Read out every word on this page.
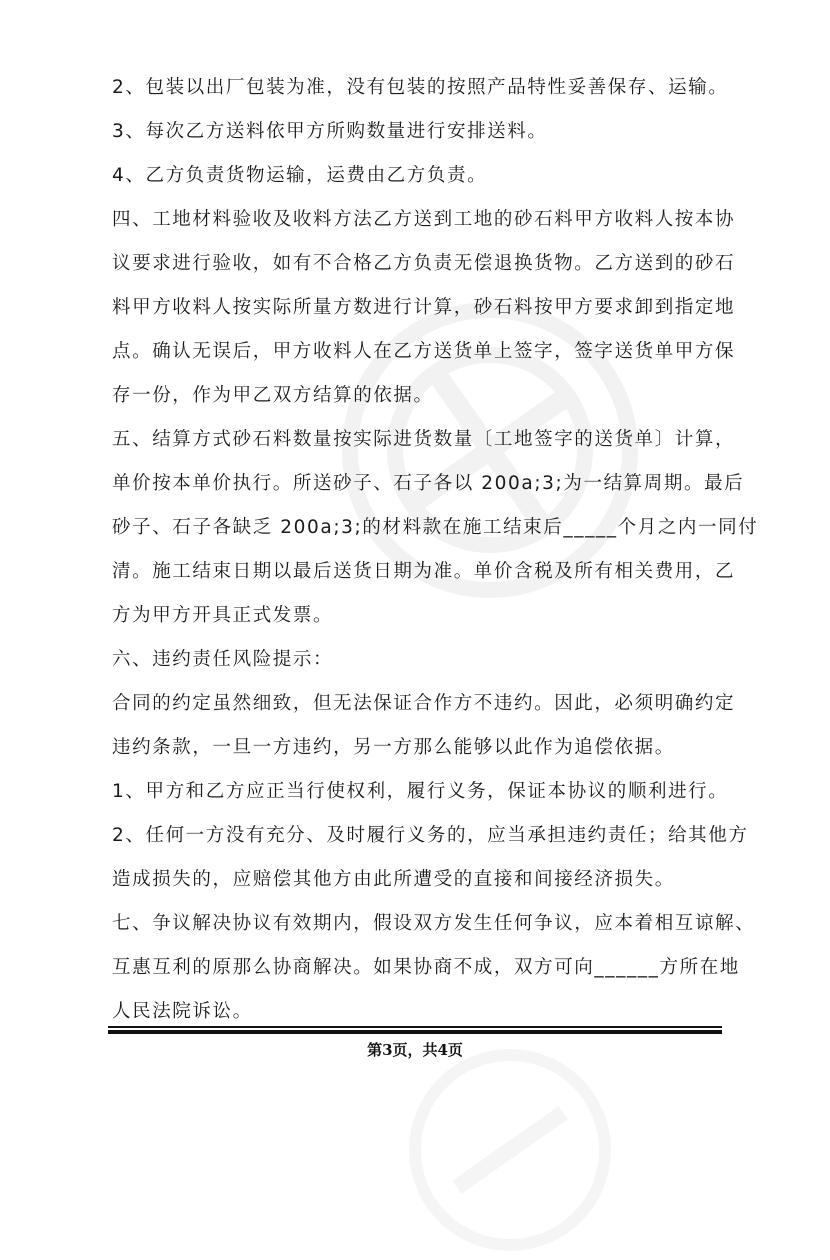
2、包装以出厂包装为准，没有包装的按照产品特性妥善保存、运输。
3、每次乙方送料依甲方所购数量进行安排送料。
4、乙方负责货物运输，运费由乙方负责。
四、工地材料验收及收料方法乙方送到工地的砂石料甲方收料人按本协
议要求进行验收，如有不合格乙方负责无偿退换货物。乙方送到的砂石
料甲方收料人按实际所量方数进行计算，砂石料按甲方要求卸到指定地
点。确认无误后，甲方收料人在乙方送货单上签字，签字送货单甲方保
存一份，作为甲乙双方结算的依据。
五、结算方式砂石料数量按实际进货数量〔工地签字的送货单〕计算，
单价按本单价执行。所送砂子、石子各以 200a;3;为一结算周期。最后
砂子、石子各缺乏 200a;3;的材料款在施工结束后_____个月之内一同付
清。施工结束日期以最后送货日期为准。单价含税及所有相关费用，乙
方为甲方开具正式发票。
六、违约责任风险提示：
合同的约定虽然细致，但无法保证合作方不违约。因此，必须明确约定
违约条款，一旦一方违约，另一方那么能够以此作为追偿依据。
1、甲方和乙方应正当行使权利，履行义务，保证本协议的顺利进行。
2、任何一方没有充分、及时履行义务的，应当承担违约责任；给其他方
造成损失的，应赔偿其他方由此所遭受的直接和间接经济损失。
七、争议解决协议有效期内，假设双方发生任何争议，应本着相互谅解、
互惠互利的原那么协商解决。如果协商不成，双方可向______方所在地
人民法院诉讼。
第3页，共4页
